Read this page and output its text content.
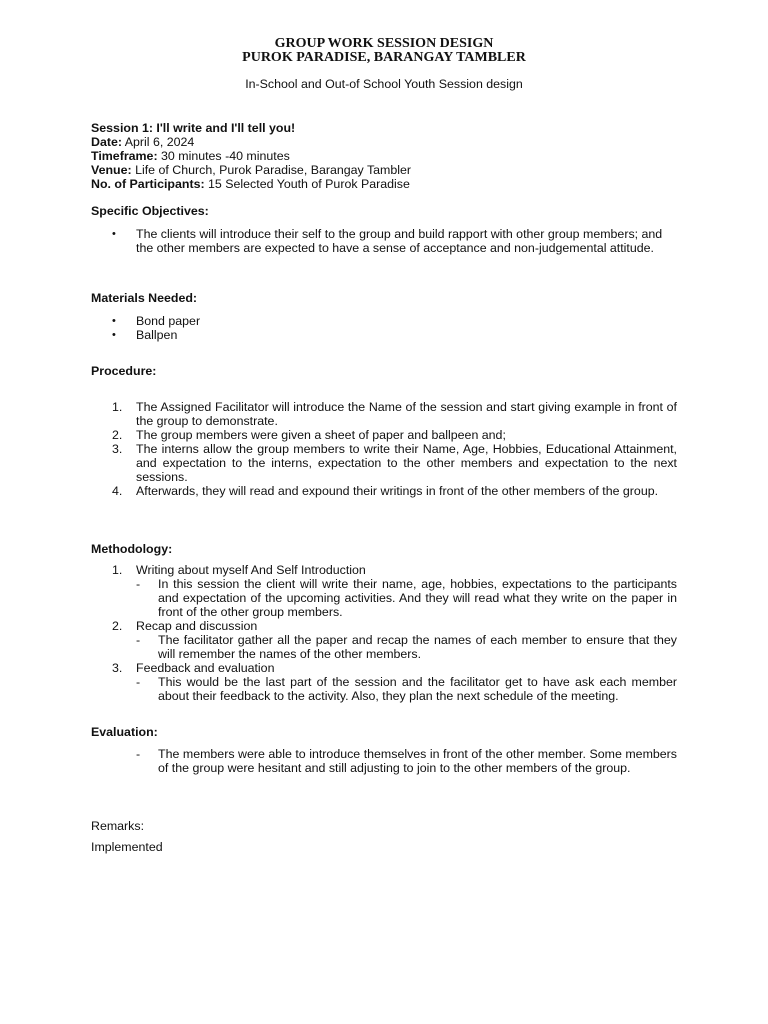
GROUP WORK SESSION DESIGN
PUROK PARADISE, BARANGAY TAMBLER
In-School and Out-of School Youth Session design
Session 1: I'll write and I'll tell you!
Date: April 6, 2024
Timeframe: 30 minutes -40 minutes
Venue: Life of Church, Purok Paradise, Barangay Tambler
No. of Participants: 15 Selected Youth of Purok Paradise
Specific Objectives:
• The clients will introduce their self to the group and build rapport with other group members; and the other members are expected to have a sense of acceptance and non-judgemental attitude.
Materials Needed:
• Bond paper
• Ballpen
Procedure:
1. The Assigned Facilitator will introduce the Name of the session and start giving example in front of the group to demonstrate.
2. The group members were given a sheet of paper and ballpeen and;
3. The interns allow the group members to write their Name, Age, Hobbies, Educational Attainment, and expectation to the interns, expectation to the other members and expectation to the next sessions.
4. Afterwards, they will read and expound their writings in front of the other members of the group.
Methodology:
1. Writing about myself And Self Introduction
- In this session the client will write their name, age, hobbies, expectations to the participants and expectation of the upcoming activities. And they will read what they write on the paper in front of the other group members.
2. Recap and discussion
- The facilitator gather all the paper and recap the names of each member to ensure that they will remember the names of the other members.
3. Feedback and evaluation
- This would be the last part of the session and the facilitator get to have ask each member about their feedback to the activity. Also, they plan the next schedule of the meeting.
Evaluation:
- The members were able to introduce themselves in front of the other member. Some members of the group were hesitant and still adjusting to join to the other members of the group.
Remarks:
Implemented
